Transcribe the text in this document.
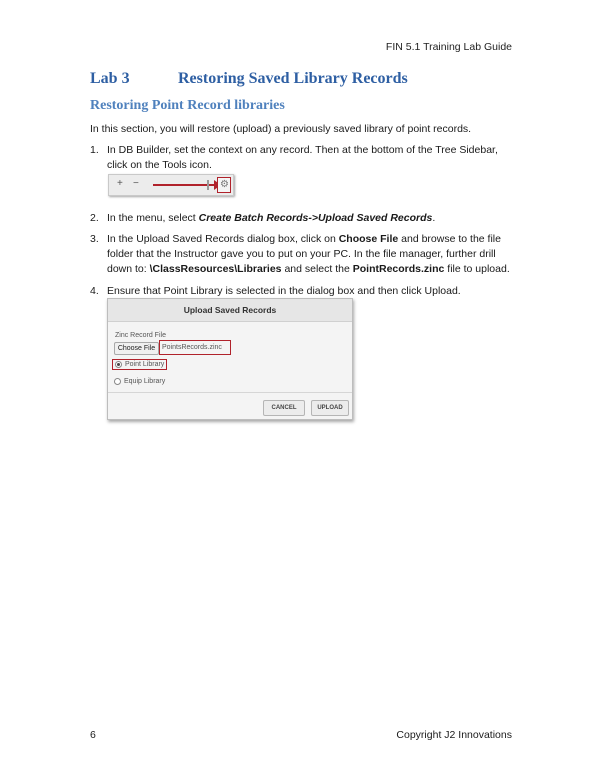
FIN 5.1 Training Lab Guide
Lab 3	Restoring Saved Library Records
Restoring Point Record libraries
In this section, you will restore (upload) a previously saved library of point records.
1. In DB Builder, set the context on any record. Then at the bottom of the Tree Sidebar, click on the Tools icon.
+ −	⚙
2. In the menu, select Create Batch Records->Upload Saved Records.
3. In the Upload Saved Records dialog box, click on Choose File and browse to the file folder that the Instructor gave you to put on your PC. In the file manager, further drill down to: \ClassResources\Libraries and select the PointRecords.zinc file to upload.
4. Ensure that Point Library is selected in the dialog box and then click Upload.
Upload Saved Records
Zinc Record File
Choose File PointsRecords.zinc
Point Library
Equip Library
CANCEL	UPLOAD
6	Copyright J2 Innovations
